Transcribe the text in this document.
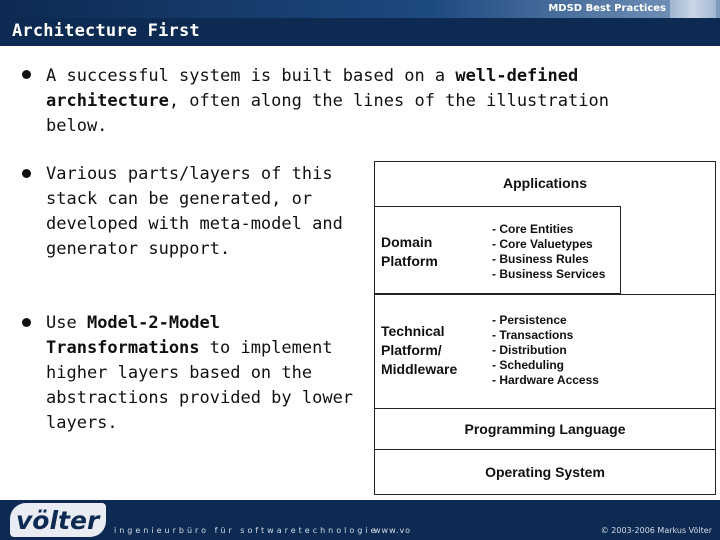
MDSD Best Practices
Architecture First
A successful system is built based on a well-defined architecture, often along the lines of the illustration below.
Various parts/layers of this stack can be generated, or developed with meta-model and generator support.
Use Model-2-Model Transformations to implement higher layers based on the abstractions provided by lower layers.
Applications
Domain
Platform
- Core Entities
- Core Valuetypes
- Business Rules
- Business Services
Technical
Platform/
Middleware
- Persistence
- Transactions
- Distribution
- Scheduling
- Hardware Access
Programming Language
Operating System
völter ingenieurbüro für softwaretechnologie
www.vo	© 2003-2006 Markus Völter
